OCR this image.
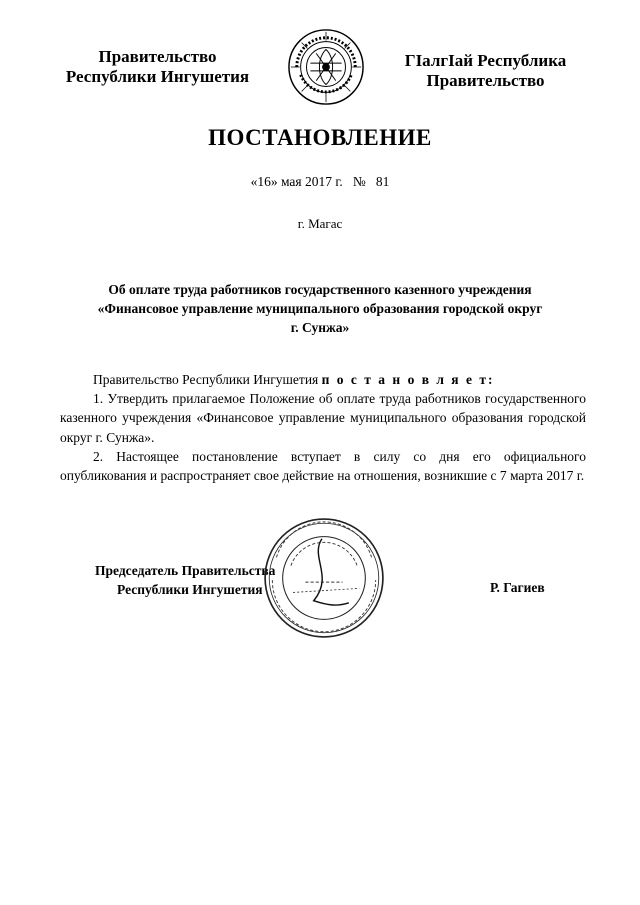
Правительство
Республики Ингушетия
ГIалгIай Республика
Правительство
ПОСТАНОВЛЕНИЕ
«16» мая 2017 г. № 81
г. Магас
Об оплате труда работников государственного казенного учреждения
«Финансовое управление муниципального образования городской округ
г. Сунжа»

Правительство Республики Ингушетия п о с т а н о в л я е т:

1. Утвердить прилагаемое Положение об оплате труда работников государственного казенного учреждения «Финансовое управление муниципального образования городской округ г. Сунжа».

2. Настоящее постановление вступает в силу со дня его официального опубликования и распространяет свое действие на отношения, возникшие с 7 марта 2017 г.

Председатель Правительства
Республики Ингушетия	Р. Гагиев
